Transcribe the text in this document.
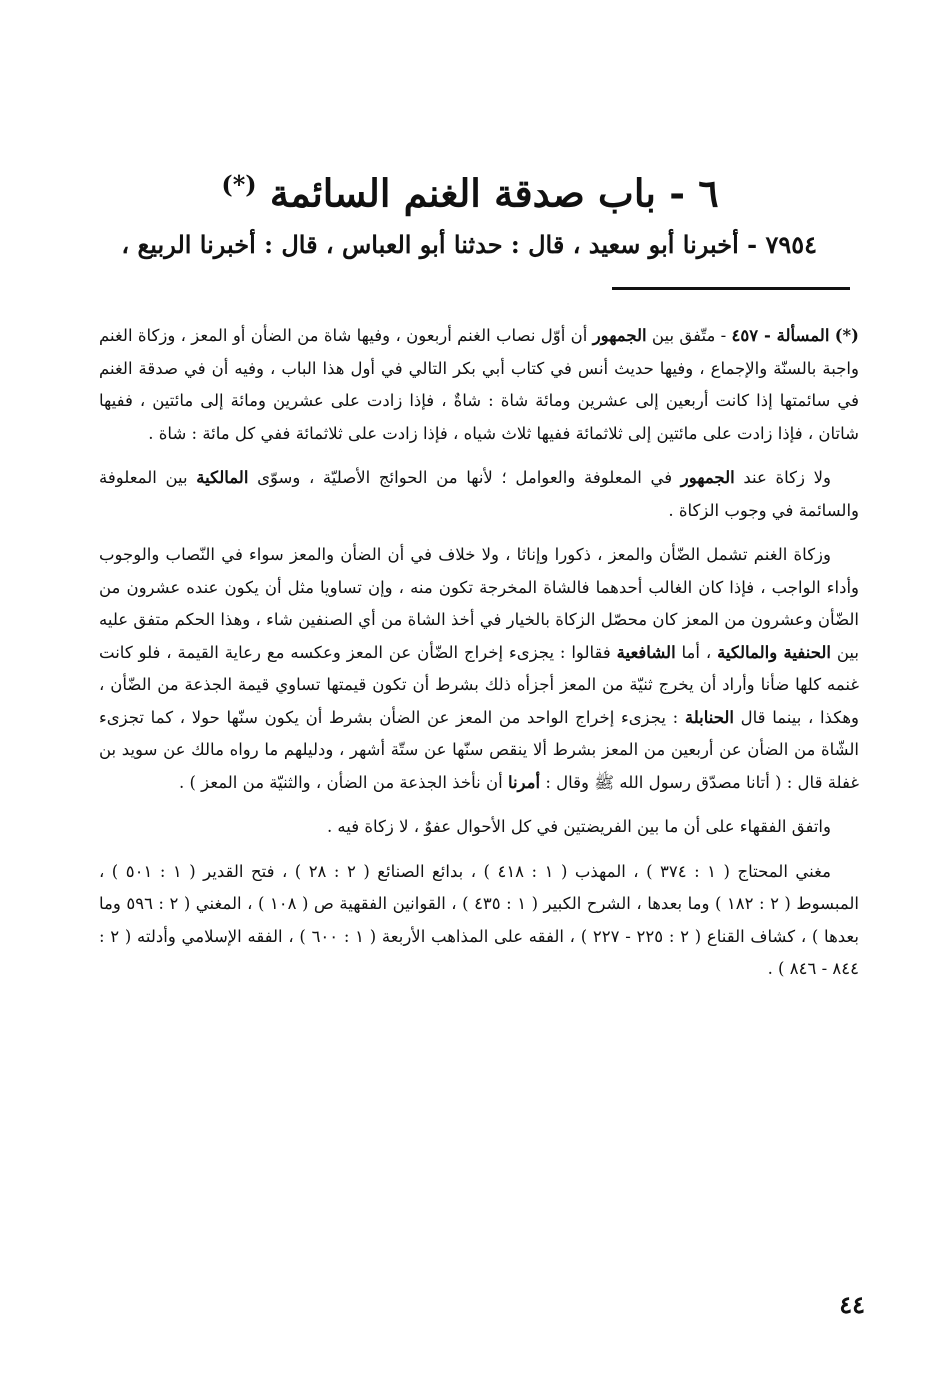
٦ - باب صدقة الغنم السائمة (*)
٧٩٥٤ - أخبرنا أبو سعيد ، قال : حدثنا أبو العباس ، قال : أخبرنا الربيع ،

(*) المسألة - ٤٥٧ - متّفق بين الجمهور أن أوّل نصاب الغنم أربعون ، وفيها شاة من الضأن أو المعز ، وزكاة الغنم واجبة بالسنّة والإجماع ، وفيها حديث أنس في كتاب أبي بكر التالي في أول هذا الباب ، وفيه أن في صدقة الغنم في سائمتها إذا كانت أربعين إلى عشرين ومائة شاة : شاةٌ ، فإذا زادت على عشرين ومائة إلى مائتين ، ففيها شاتان ، فإذا زادت على مائتين إلى ثلاثمائة ففيها ثلاث شياه ، فإذا زادت على ثلاثمائة ففي كل مائة : شاة .

ولا زكاة عند الجمهور في المعلوفة والعوامل ؛ لأنها من الحوائج الأصليّة ، وسوّى المالكية بين المعلوفة والسائمة في وجوب الزكاة .

وزكاة الغنم تشمل الضّأن والمعز ، ذكورا وإناثا ، ولا خلاف في أن الضأن والمعز سواء في النّصاب والوجوب وأداء الواجب ، فإذا كان الغالب أحدهما فالشاة المخرجة تكون منه ، وإن تساويا مثل أن يكون عنده عشرون من الضّأن وعشرون من المعز كان محصّل الزكاة بالخيار في أخذ الشاة من أي الصنفين شاء ، وهذا الحكم متفق عليه بين الحنفية والمالكية ، أما الشافعية فقالوا : يجزىء إخراج الضّأن عن المعز وعكسه مع رعاية القيمة ، فلو كانت غنمه كلها ضأنا وأراد أن يخرج ثنيّة من المعز أجزأه ذلك بشرط أن تكون قيمتها تساوي قيمة الجذعة من الضّأن ، وهكذا ، بينما قال الحنابلة : يجزىء إخراج الواحد من المعز عن الضأن بشرط أن يكون سنّها حولا ، كما تجزىء الشّاة من الضأن عن أربعين من المعز بشرط ألا ينقص سنّها عن ستّة أشهر ، ودليلهم ما رواه مالك عن سويد بن غفلة قال : ( أتانا مصدّق رسول الله ﷺ وقال : أمرنا أن نأخذ الجذعة من الضأن ، والثنيّة من المعز ) .

واتفق الفقهاء على أن ما بين الفريضتين في كل الأحوال عفوٌ ، لا زكاة فيه .

مغني المحتاج ( ١ : ٣٧٤ ) ، المهذب ( ١ : ٤١٨ ) ، بدائع الصنائع ( ٢ : ٢٨ ) ، فتح القدير ( ١ : ٥٠١ ) ، المبسوط ( ٢ : ١٨٢ ) وما بعدها ، الشرح الكبير ( ١ : ٤٣٥ ) ، القوانين الفقهية ص ( ١٠٨ ) ، المغني ( ٢ : ٥٩٦ وما بعدها ) ، كشاف القناع ( ٢ : ٢٢٥ - ٢٢٧ ) ، الفقه على المذاهب الأربعة ( ١ : ٦٠٠ ) ، الفقه الإسلامي وأدلته ( ٢ : ٨٤٤ - ٨٤٦ ) .

٤٤
